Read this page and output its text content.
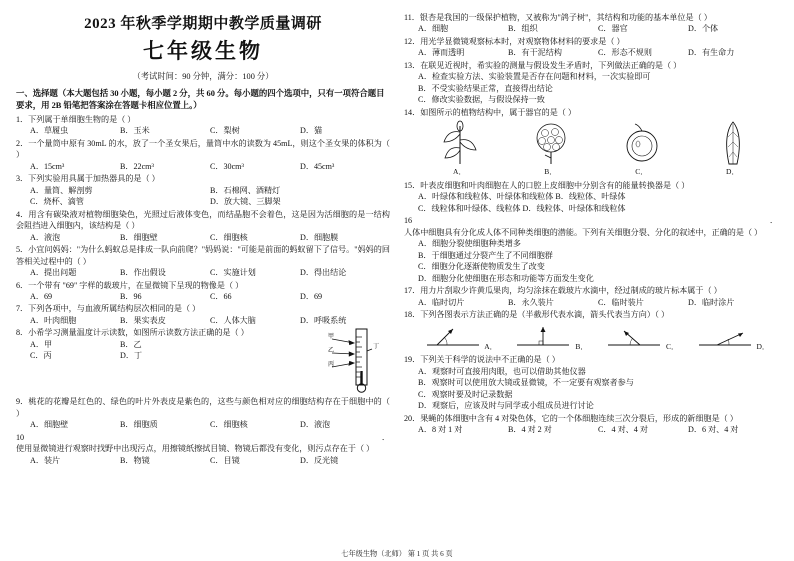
2023 年秋季学期期中教学质量调研
七年级生物
（考试时间：90 分钟，满分：100 分）
一、选择题（本大题包括 30 小题，每小题 2 分，共 60 分。每小题的四个选项中，只有一项符合题目要求，用 2B 铅笔把答案涂在答题卡相应位置上。）
1．下列属于单细胞生物的是（ ）
A．草履虫	B．玉米	C．梨树	D．猫
2．一个量筒中原有 30mL 的水，放了一个圣女果后，量筒中水的读数为 45mL，则这个圣女果的体积为（ ）
A．15cm³	B．22cm³	C．30cm³	D．45cm³
3．下列实验用具属于加热器具的是（ ）
A．量筒、解剖剪	B．石棉网、酒精灯
C．烧杯、滴管	D．放大镜、三脚架
4．用含有碳染液对植物细胞染色，光照过后液体变色，而结晶胞不会着色，这是因为活细胞的是一结构会阻挡进入细胞内，该结构是（ ）
A．液泡	B．细胞壁	C．细胞核	D．细胞膜
5．小宜问妈妈："为什么蚂蚁总是排成一队向前爬？"妈妈说："可能是前面的蚂蚁留下了信号。"妈妈的回答相关过程中的（ ）
A．提出问题	B．作出假设	C．实施计划	D．得出结论
6．一个带有 "69" 字样的载玻片，在显微镜下呈现的物像是（ ）
A．69	B．96	C．66	D．69
7．下列各项中，与血液所属结构层次相同的是（ ）
A．叶肉细胞	B．果实表皮	C．人体大脑	D．呼吸系统
甲
乙
丙
丁
8．小希学习测量温度计示读数，如图所示读数方法正确的是（ ）
A．甲	B．乙
C．丙	D．丁
9．桃花的花瓣是红色的、绿色的叶片外表皮是紫色的，这些与颜色相对应的细胞结构存在于细胞中的（ ）
A．细胞壁	B．细胞质	C．细胞核	D．液泡
10．使用显微镜进行观察时找野中出现污点，用擦镜纸擦拭目镜、物镜后都没有变化，则污点存在于（ ）
A．装片	B．物镜	C．目镜	D．反光镜
11．银杏是我国的一级保护植物，又被称为"鸽子树"，其结构和功能的基本单位是（ ）
A．细胞	B．组织	C．器官	D．个体
12．用光学显微镜观察标本时，对观察物体材料的要求是（ ）
A．薄而透明	B．有干泥结构	C．形态不规则	D．有生命力
13．在联见近视时，希实验的测量与假设发生矛盾时，下列做法正确的是（ ）
A．检查实验方法、实验装置是否存在问题和材料，一次实验即可
B．不受实验结果正常，直接得出结论
C．修改实验数据，与假设保持一致
14．如图所示的植物结构中，属于器官的是（ ）
A．	B．	C．	D．
15．叶表皮细胞和叶肉细胞在人的口腔上皮细胞中分别含有的能量转换器是（ ）
A．叶绿体和线粒体、叶绿体和线粒体 B．线粒体、叶绿体
C．线粒体和叶绿体、线粒体 D．线粒体、叶绿体和线粒体
16．人体中细胞具有分化成人体不同种类细胞的潜能。下列有关细胞分裂、分化的叙述中，正确的是（ ）
A．细胞分裂使细胞种类增多
B．于细胞通过分裂产生了不同细胞群
C．细胞分化逐渐使物质发生了改变
D．细胞分化使细胞在形态和功能等方面发生变化
17．用力片刮取少许黄瓜果肉，均匀涂抹在载玻片水滴中，经过制成的玻片标本属于（ ）
A．临时切片	B．永久装片	C．临时装片	D．临时涂片
18．下列各图表示方法正确的是（半截形代表水滴，箭头代表当方向）（ ）
A．	B．	C．	D．
19．下列关于科学的说法中不正确的是（ ）
A．观察时可直接用肉眼，也可以借助其他仪器
B．观察时可以使用放大镜或显微镜，不一定要有观察者参与
C．观察时要及时记录数据
D．观察后，应该及时与同学或小组成员进行讨论
20．果蝇的体细胞中含有 4 对染色体，它的一个体细胞连续三次分裂后，形成的新细胞是（ ）
A．8 对 1 对	B．4 对 2 对	C．4 对、4 对	D．6 对、4 对
七年级生物（北师） 第 1 页 共 6 页
